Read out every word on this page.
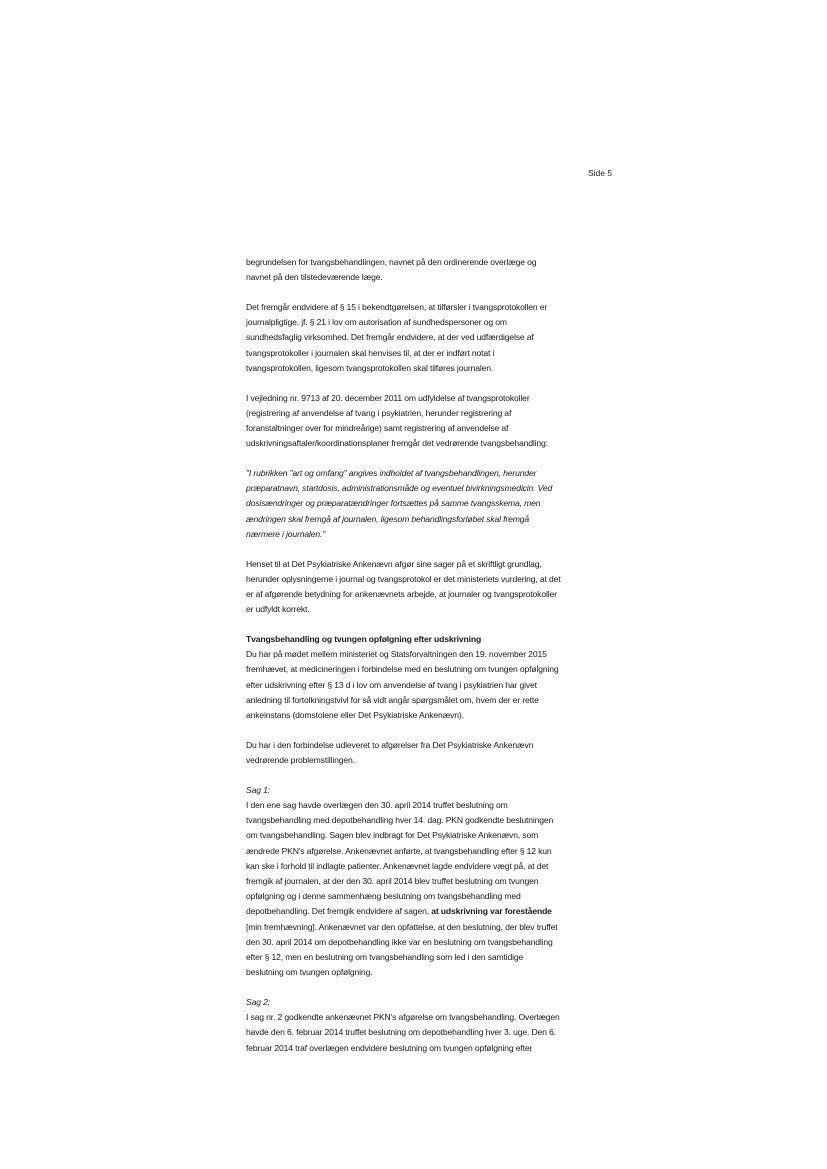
Side 5

begrundelsen for tvangsbehandlingen, navnet på den ordinerende overlæge og navnet på den tilstedeværende læge.

Det fremgår endvidere af § 15 i bekendtgørelsen, at tilførsler i tvangsprotokollen er journalpligtige, jf. § 21 i lov om autorisation af sundhedspersoner og om sundhedsfaglig virksomhed. Det fremgår endvidere, at der ved udfærdigelse af tvangsprotokoller i journalen skal henvises til, at der er indført notat i tvangsprotokollen, ligesom tvangsprotokollen skal tilføres journalen.

I vejledning nr. 9713 af 20. december 2011 om udfyldelse af tvangsprotokoller (registrering af anvendelse af tvang i psykiatrien, herunder registrering af foranstaltninger over for mindreårige) samt registrering af anvendelse af udskrivningsaftaler/koordinationsplaner fremgår det vedrørende tvangsbehandling:

"I rubrikken "art og omfang" angives indholdet af tvangsbehandlingen, herunder præparatnavn, startdosis, administrationsmåde og eventuel bivirkningsmedicin. Ved dosisændringer og præparatændringer fortsættes på samme tvangsskema, men ændringen skal fremgå af journalen, ligesom behandlingsforløbet skal fremgå nærmere i journalen."

Henset til at Det Psykiatriske Ankenævn afgør sine sager på et skriftligt grundlag, herunder oplysningerne i journal og tvangsprotokol er det ministeriets vurdering, at det er af afgørende betydning for ankenævnets arbejde, at journaler og tvangsprotokoller er udfyldt korrekt.

Tvangsbehandling og tvungen opfølgning efter udskrivning
Du har på mødet mellem ministeriet og Statsforvaltningen den 19. november 2015 fremhævet, at medicineringen i forbindelse med en beslutning om tvungen opfølgning efter udskrivning efter § 13 d i lov om anvendelse af tvang i psykiatrien har givet anledning til fortolkningstvivl for så vidt angår spørgsmålet om, hvem der er rette ankeinstans (domstolene eller Det Psykiatriske Ankenævn).

Du har i den forbindelse udleveret to afgørelser fra Det Psykiatriske Ankenævn vedrørende problemstillingen.

Sag 1:
I den ene sag havde overlægen den 30. april 2014 truffet beslutning om tvangsbehandling med depotbehandling hver 14. dag. PKN godkendte beslutningen om tvangsbehandling. Sagen blev indbragt for Det Psykiatriske Ankenævn, som ændrede PKN's afgørelse. Ankenævnet anførte, at tvangsbehandling efter § 12 kun kan ske i forhold til indlagte patienter. Ankenævnet lagde endvidere vægt på, at det fremgik af journalen, at der den 30. april 2014 blev truffet beslutning om tvungen opfølgning og i denne sammenhæng beslutning om tvangsbehandling med depotbehandling. Det fremgik endvidere af sagen, at udskrivning var forestående [min fremhævning]. Ankenævnet var den opfattelse, at den beslutning, der blev truffet den 30. april 2014 om depotbehandling ikke var en beslutning om tvangsbehandling efter § 12, men en beslutning om tvangsbehandling som led i den samtidige beslutning om tvungen opfølgning.

Sag 2:
I sag nr. 2 godkendte ankenævnet PKN's afgørelse om tvangsbehandling. Overlægen havde den 6. februar 2014 truffet beslutning om depotbehandling hver 3. uge. Den 6. februar 2014 traf overlægen endvidere beslutning om tvungen opfølgning efter
